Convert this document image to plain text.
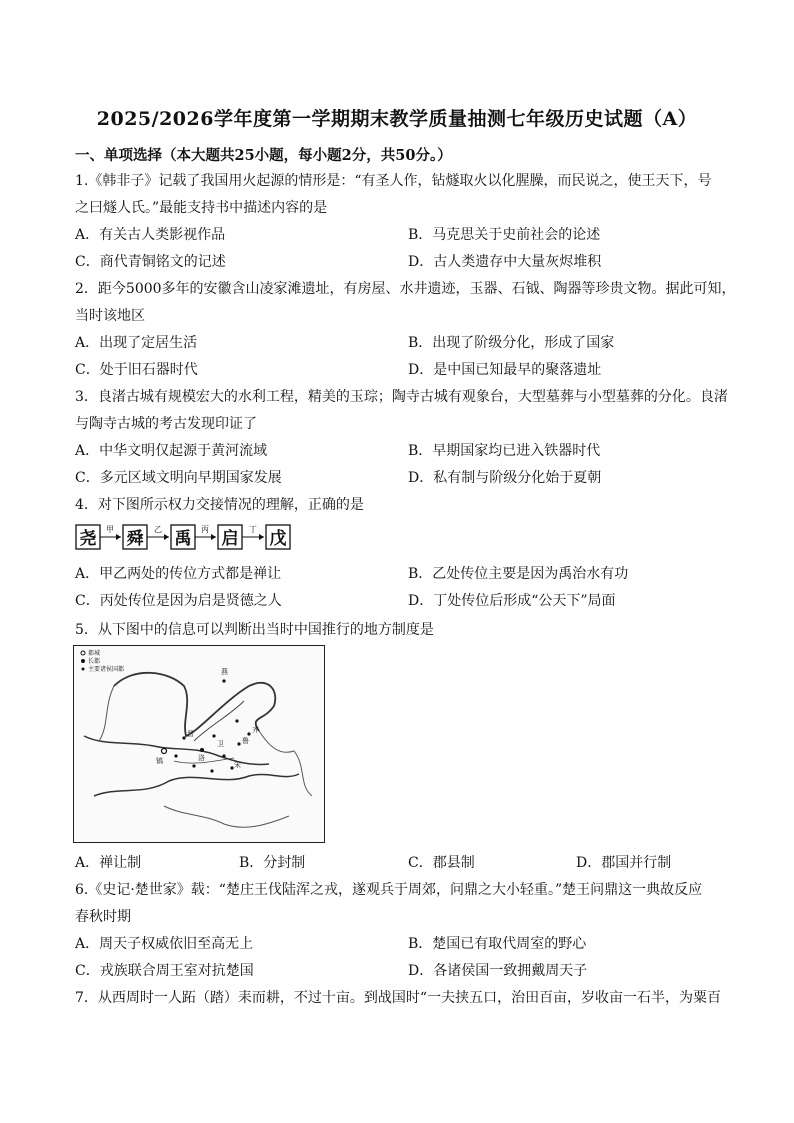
2025/2026学年度第一学期期末教学质量抽测七年级历史试题（A）
一、单项选择（本大题共25小题，每小题2分，共50分。）
1.《韩非子》记载了我国用火起源的情形是：“有圣人作，钻燧取火以化腥臊，而民说之，使王天下，号
之曰燧人氏。”最能支持书中描述内容的是
A．有关古人类影视作品	B．马克思关于史前社会的论述
C．商代青铜铭文的记述	D．古人类遗存中大量灰烬堆积
2．距今5000多年的安徽含山凌家滩遗址，有房屋、水井遗迹，玉器、石钺、陶器等珍贵文物。据此可知，
当时该地区
A．出现了定居生活	B．出现了阶级分化，形成了国家
C．处于旧石器时代	D．是中国已知最早的聚落遗址
3．良渚古城有规模宏大的水利工程，精美的玉琮；陶寺古城有观象台，大型墓葬与小型墓葬的分化。良渚
与陶寺古城的考古发现印证了
A．中华文明仅起源于黄河流域	B．早期国家均已进入铁器时代
C．多元区域文明向早期国家发展	D．私有制与阶级分化始于夏朝
4．对下图所示权力交接情况的理解，正确的是
尧 舜 禹 启 戊
甲	乙	丙	丁
A．甲乙两处的传位方式都是禅让	B．乙处传位主要是因为禹治水有功
C．丙处传位是因为启是贤德之人	D．丁处传位后形成“公天下”局面
5．从下图中的信息可以判断出当时中国推行的地方制度是
都城
长都
主要诸侯国都	燕
晋	齐
洛
宋
镐
鲁
卫
A．禅让制	B．分封制	C．郡县制	D．郡国并行制
6.《史记·楚世家》载：“楚庄王伐陆浑之戎，遂观兵于周郊，问鼎之大小轻重。”楚王问鼎这一典故反应
春秋时期
A．周天子权威依旧至高无上	B．楚国已有取代周室的野心
C．戎族联合周王室对抗楚国	D．各诸侯国一致拥戴周天子
7．从西周时一人跖（踏）耒而耕，不过十亩。到战国时“一夫挟五口，治田百亩，岁收亩一石半，为粟百
